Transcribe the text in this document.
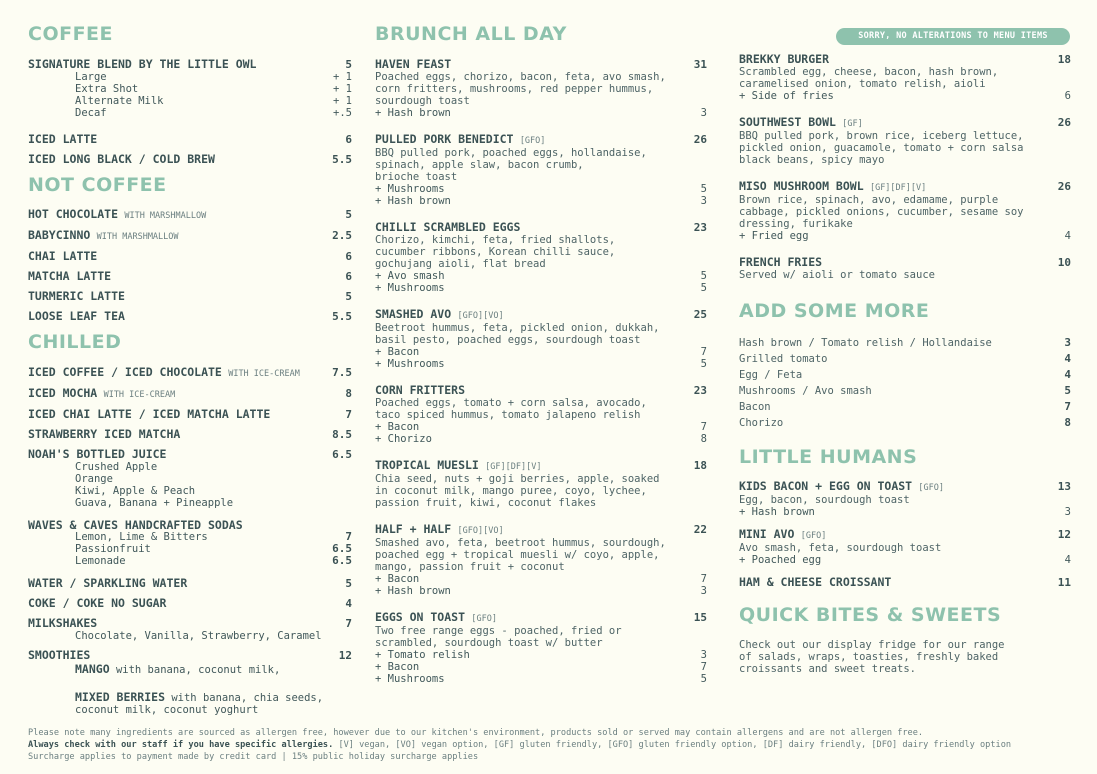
SORRY, NO ALTERATIONS TO MENU ITEMS
COFFEE
SIGNATURE BLEND BY THE LITTLE OWL	5
Large	+ 1
Extra Shot	+ 1
Alternate Milk	+ 1
Decaf	+.5
ICED LATTE	6
ICED LONG BLACK / COLD BREW	5.5
NOT COFFEE
HOT CHOCOLATE WITH MARSHMALLOW	5
BABYCINNO WITH MARSHMALLOW	2.5
CHAI LATTE	6
MATCHA LATTE	6
TURMERIC LATTE	5
LOOSE LEAF TEA	5.5
CHILLED
ICED COFFEE / ICED CHOCOLATE WITH ICE-CREAM	7.5
ICED MOCHA WITH ICE-CREAM	8
ICED CHAI LATTE / ICED MATCHA LATTE	7
STRAWBERRY ICED MATCHA	8.5
NOAH'S BOTTLED JUICE	6.5
Crushed Apple
Orange
Kiwi, Apple & Peach
Guava, Banana + Pineapple
WAVES & CAVES HANDCRAFTED SODAS
Lemon, Lime & Bitters	7
Passionfruit	6.5
Lemonade	6.5
WATER / SPARKLING WATER	5
COKE / COKE NO SUGAR	4
MILKSHAKES	7
Chocolate, Vanilla, Strawberry, Caramel
SMOOTHIES	12
MANGO with banana, coconut milk,
MIXED BERRIES with banana, chia seeds,
coconut milk, coconut yoghurt
BRUNCH ALL DAY
HAVEN FEAST	31
Poached eggs, chorizo, bacon, feta, avo smash,
corn fritters, mushrooms, red pepper hummus,
sourdough toast
+ Hash brown	3
PULLED PORK BENEDICT [GFO]	26
BBQ pulled pork, poached eggs, hollandaise,
spinach, apple slaw, bacon crumb,
brioche toast
+ Mushrooms	5
+ Hash brown	3
CHILLI SCRAMBLED EGGS	23
Chorizo, kimchi, feta, fried shallots,
cucumber ribbons, Korean chilli sauce,
gochujang aioli, flat bread
+ Avo smash	5
+ Mushrooms	5
SMASHED AVO [GFO][VO]	25
Beetroot hummus, feta, pickled onion, dukkah,
basil pesto, poached eggs, sourdough toast
+ Bacon	7
+ Mushrooms	5
CORN FRITTERS	23
Poached eggs, tomato + corn salsa, avocado,
taco spiced hummus, tomato jalapeno relish
+ Bacon	7
+ Chorizo	8
TROPICAL MUESLI [GF][DF][V]	18
Chia seed, nuts + goji berries, apple, soaked
in coconut milk, mango puree, coyo, lychee,
passion fruit, kiwi, coconut flakes
HALF + HALF [GFO][VO]	22
Smashed avo, feta, beetroot hummus, sourdough,
poached egg + tropical muesli w/ coyo, apple,
mango, passion fruit + coconut
+ Bacon	7
+ Hash brown	3
EGGS ON TOAST [GFO]	15
Two free range eggs - poached, fried or
scrambled, sourdough toast w/ butter
+ Tomato relish	3
+ Bacon	7
+ Mushrooms	5
BREKKY BURGER	18
Scrambled egg, cheese, bacon, hash brown,
caramelised onion, tomato relish, aioli
+ Side of fries	6
SOUTHWEST BOWL [GF]	26
BBQ pulled pork, brown rice, iceberg lettuce,
pickled onion, guacamole, tomato + corn salsa
black beans, spicy mayo
MISO MUSHROOM BOWL [GF][DF][V]	26
Brown rice, spinach, avo, edamame, purple
cabbage, pickled onions, cucumber, sesame soy
dressing, furikake
+ Fried egg	4
FRENCH FRIES	10
Served w/ aioli or tomato sauce
ADD SOME MORE
Hash brown / Tomato relish / Hollandaise	3
Grilled tomato	4
Egg / Feta	4
Mushrooms / Avo smash	5
Bacon	7
Chorizo	8
LITTLE HUMANS
KIDS BACON + EGG ON TOAST [GFO]	13
Egg, bacon, sourdough toast
+ Hash brown	3
MINI AVO [GFO]	12
Avo smash, feta, sourdough toast
+ Poached egg	4
HAM & CHEESE CROISSANT	11
QUICK BITES & SWEETS
Check out our display fridge for our range
of salads, wraps, toasties, freshly baked
croissants and sweet treats.
Please note many ingredients are sourced as allergen free, however due to our kitchen's environment, products sold or served may contain allergens and are not allergen free.
Always check with our staff if you have specific allergies. [V] vegan, [VO] vegan option, [GF] gluten friendly, [GFO] gluten friendly option, [DF] dairy friendly, [DFO] dairy friendly option
Surcharge applies to payment made by credit card | 15% public holiday surcharge applies
